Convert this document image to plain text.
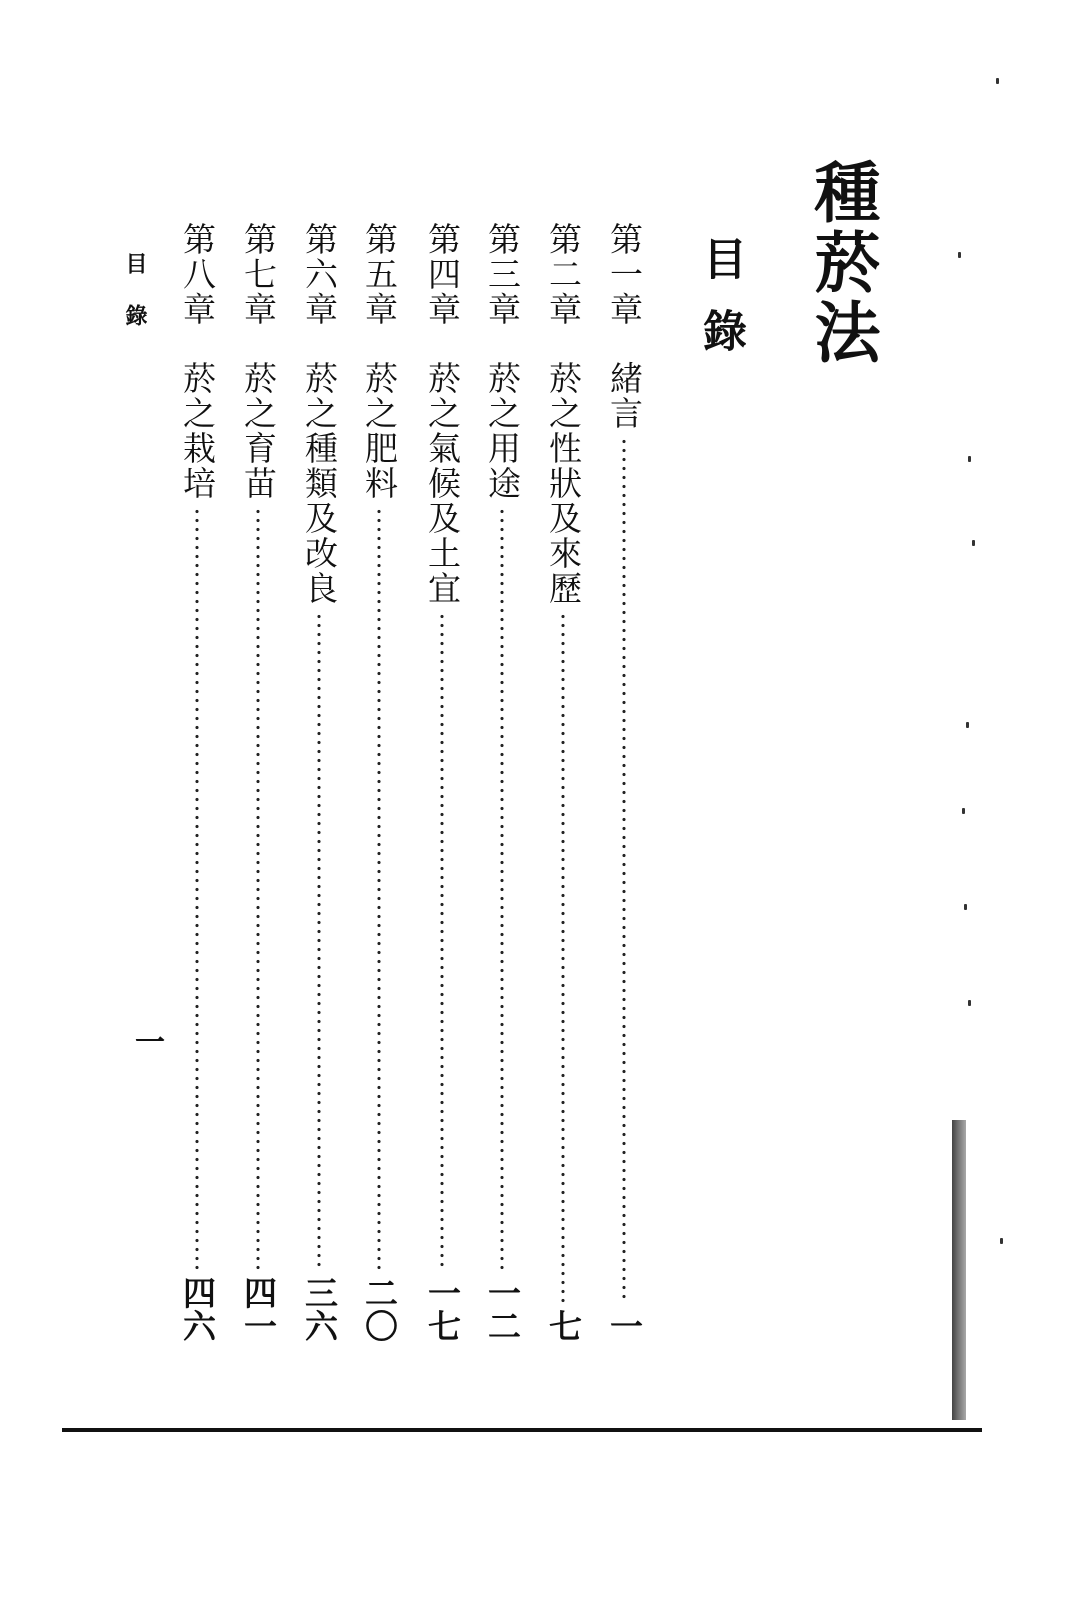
種菸法
目錄
第一章
緒言
一
第二章
菸之性狀及來歷
七
第三章
菸之用途
一二
第四章
菸之氣候及土宜
一七
第五章
菸之肥料
二〇
第六章
菸之種類及改良
三六
第七章
菸之育苗
四一
第八章
菸之栽培
四六
目錄
一
